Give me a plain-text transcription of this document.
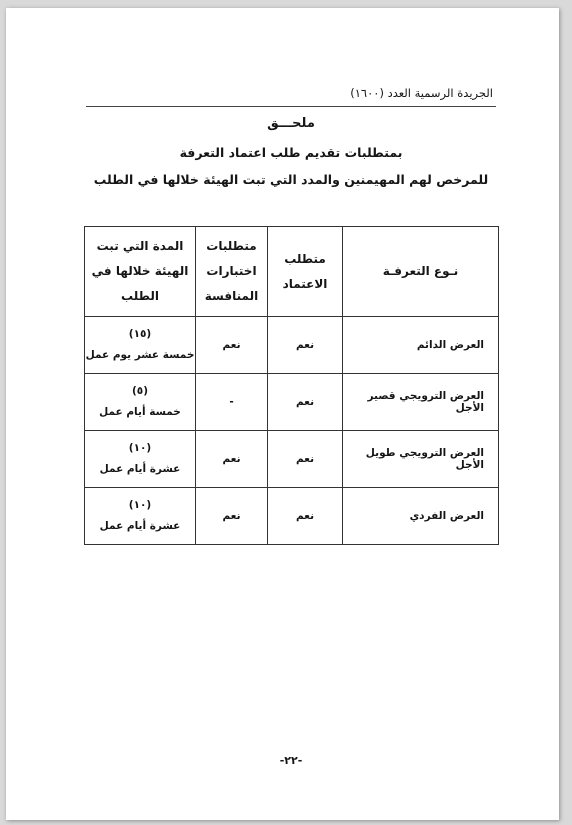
الجريدة الرسمية العدد (١٦٠٠)
ملحـــق
بمتطلبات تقديم طلب اعتماد التعرفة
للمرخص لهم المهيمنين والمدد التي تبت الهيئة خلالها في الطلب
نـوع التعرفـة	متطلب الاعتماد	متطلبات اختبارات المنافسة	المدة التي تبت الهيئة خلالها في الطلب
العرض الدائم	نعم	نعم	(١٥)
خمسة عشر يوم عمل

العرض الترويجي قصير الأجل	نعم	-	(٥)
خمسة أيام عمل

العرض الترويجي طويل الأجل	نعم	نعم	(١٠)
عشرة أيام عمل

العرض الفردي	نعم	نعم	(١٠)
عشرة أيام عمل
-٢٢-
